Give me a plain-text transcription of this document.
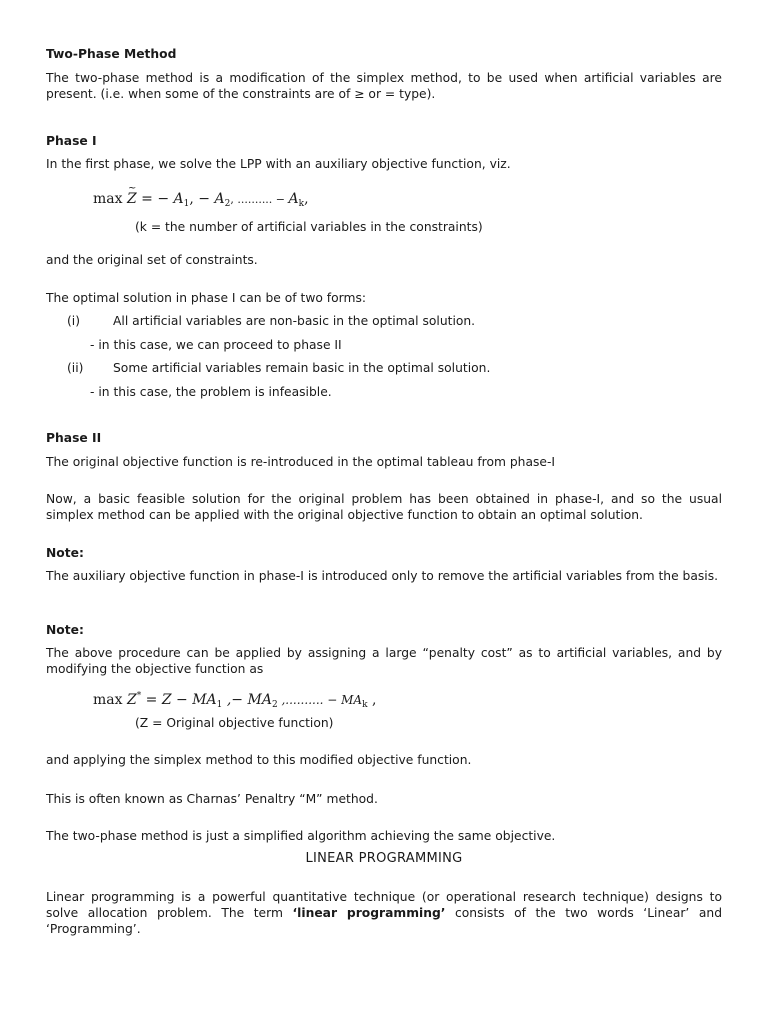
Two-Phase Method

The two-phase method is a modification of the simplex method, to be used when artificial variables are present. (i.e. when some of the constraints are of ≥ or = type).

Phase I
In the first phase, we solve the LPP with an auxiliary objective function, viz.
max
~
Z = − $A_1$, − $A_2$, .......... − $A_k$,
(k = the number of artificial variables in the constraints)
and the original set of constraints.
The optimal solution in phase I can be of two forms:
(i)	All artificial variables are non-basic in the optimal solution.
- in this case, we can proceed to phase II
(ii) Some artificial variables remain basic in the optimal solution.
- in this case, the problem is infeasible.
Phase II
The original objective function is re-introduced in the optimal tableau from phase-I

Now, a basic feasible solution for the original problem has been obtained in phase-I, and so the usual simplex method can be applied with the original objective function to obtain an optimal solution.

Note:

The auxiliary objective function in phase-I is introduced only to remove the artificial variables from the basis.

Note:

The above procedure can be applied by assigning a large “penalty cost” as to artificial variables, and by modifying the objective function as

$\max Z^* = Z - MA_1$ ,− $MA_2$ ,.......... − $MA_k$ ,
(Z = Original objective function)
and applying the simplex method to this modified objective function.
This is often known as Charnas’ Penaltry “M” method.
The two-phase method is just a simplified algorithm achieving the same objective.
LINEAR PROGRAMMING

Linear programming is a powerful quantitative technique (or operational research technique) designs to solve allocation problem. The term ‘linear programming’ consists of the two words ‘Linear’ and ‘Programming’.
